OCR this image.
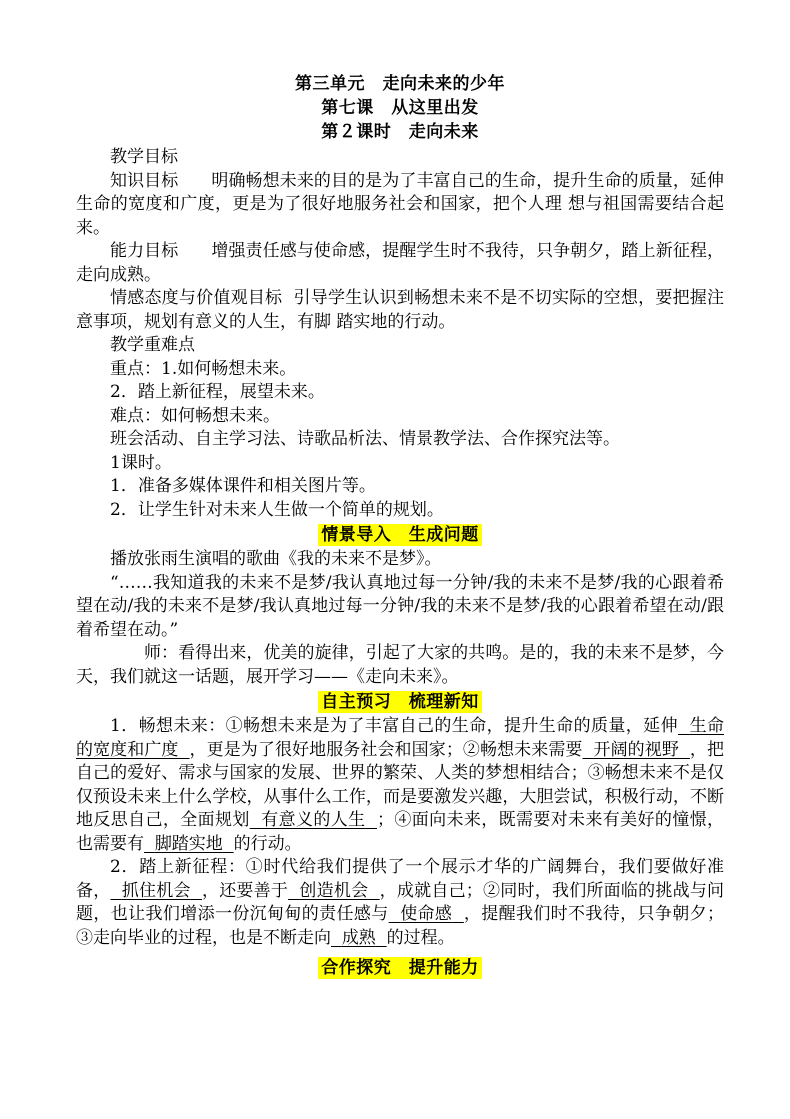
第三单元　走向未来的少年
第七课　从这里出发
第２课时　走向未来

教学目标

知识目标 明确畅想未来的目的是为了丰富自己的生命，提升生命的质量，延伸生命的宽度和广度，更是为了很好地服务社会和国家，把个人理 想与祖国需要结合起来。

能力目标 增强责任感与使命感，提醒学生时不我待，只争朝夕，踏上新征程，走向成熟。

情感态度与价值观目标 引导学生认识到畅想未来不是不切实际的空想，要把握注意事项，规划有意义的人生，有脚 踏实地的行动。

教学重难点

重点：1.如何畅想未来。

2．踏上新征程，展望未来。

难点：如何畅想未来。

班会活动、自主学习法、诗歌品析法、情景教学法、合作探究法等。

1课时。

1．准备多媒体课件和相关图片等。

2．让学生针对未来人生做一个简单的规划。

情景导入　生成问题

播放张雨生演唱的歌曲《我的未来不是梦》。

“……我知道我的未来不是梦/我认真地过每一分钟/我的未来不是梦/我的心跟着希望在动/我的未来不是梦/我认真地过每一分钟/我的未来不是梦/我的心跟着希望在动/跟着希望在动。”

师：看得出来，优美的旋律，引起了大家的共鸣。是的，我的未来不是梦，今天，我们就这一话题，展开学习——《走向未来》。

自主预习　梳理新知

1．畅想未来：①畅想未来是为了丰富自己的生命，提升生命的质量，延伸 生命的宽度和广度 ，更是为了很好地服务社会和国家；②畅想未来需要 开阔的视野 ，把自己的爱好、需求与国家的发展、世界的繁荣、人类的梦想相结合；③畅想未来不是仅仅预设未来上什么学校，从事什么工作，而是要激发兴趣，大胆尝试，积极行动，不断地反思自己，全面规划 有意义的人生 ；④面向未来，既需要对未来有美好的憧憬，也需要有 脚踏实地 的行动。

2．踏上新征程：①时代给我们提供了一个展示才华的广阔舞台，我们要做好准备， 抓住机会 ，还要善于 创造机会 ，成就自己；②同时，我们所面临的挑战与问题，也让我们增添一份沉甸甸的责任感与 使命感 ，提醒我们时不我待，只争朝夕；③走向毕业的过程，也是不断走向 成熟 的过程。

合作探究　提升能力
